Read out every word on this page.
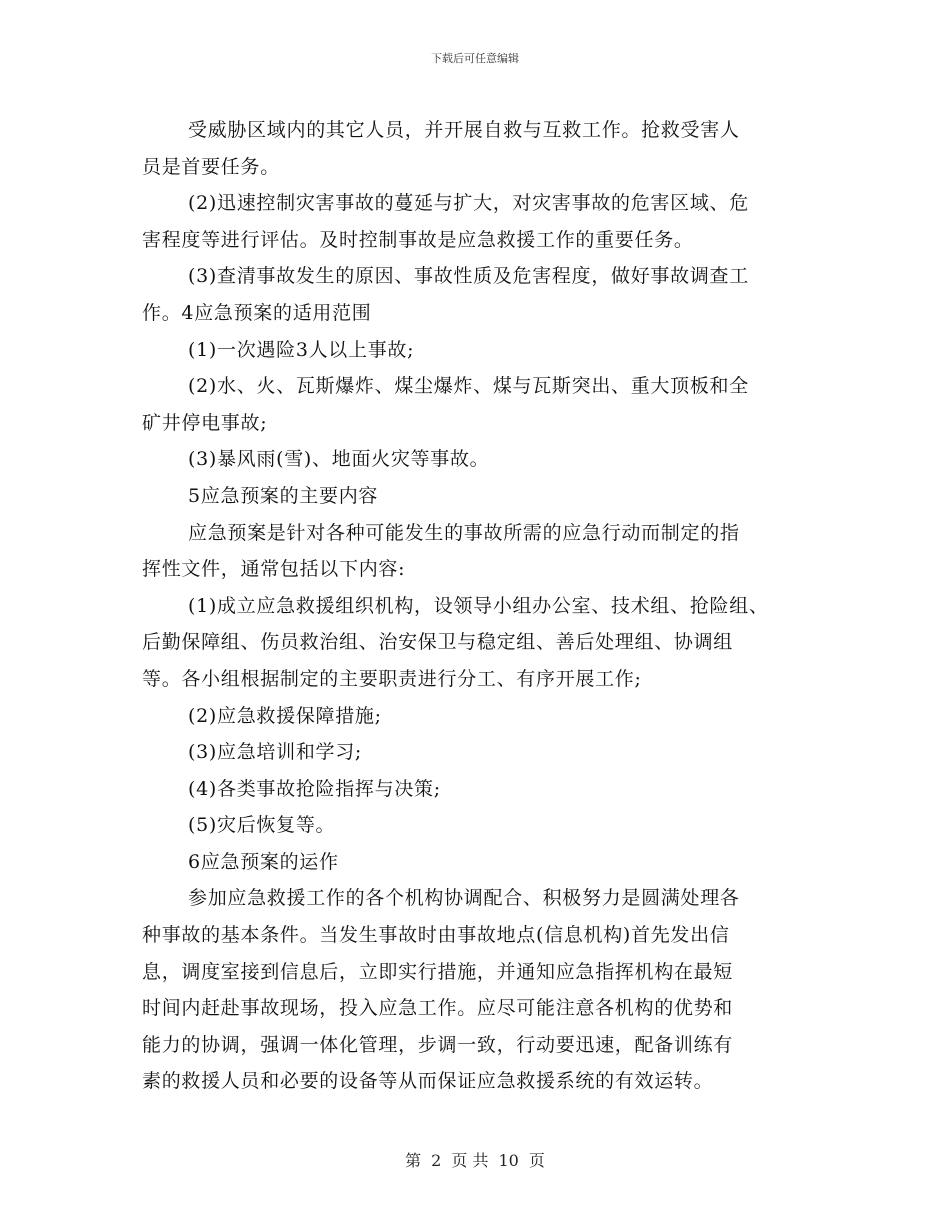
下载后可任意编辑
受威胁区域内的其它人员，并开展自救与互救工作。抢救受害人
员是首要任务。
(2)迅速控制灾害事故的蔓延与扩大，对灾害事故的危害区域、危
害程度等进行评估。及时控制事故是应急救援工作的重要任务。
(3)查清事故发生的原因、事故性质及危害程度，做好事故调查工
作。4应急预案的适用范围
(1)一次遇险3人以上事故;
(2)水、火、瓦斯爆炸、煤尘爆炸、煤与瓦斯突出、重大顶板和全
矿井停电事故;
(3)暴风雨(雪)、地面火灾等事故。
5应急预案的主要内容
应急预案是针对各种可能发生的事故所需的应急行动而制定的指
挥性文件，通常包括以下内容:
(1)成立应急救援组织机构，设领导小组办公室、技术组、抢险组、
后勤保障组、伤员救治组、治安保卫与稳定组、善后处理组、协调组
等。各小组根据制定的主要职责进行分工、有序开展工作;
(2)应急救援保障措施;
(3)应急培训和学习;
(4)各类事故抢险指挥与决策;
(5)灾后恢复等。
6应急预案的运作
参加应急救援工作的各个机构协调配合、积极努力是圆满处理各
种事故的基本条件。当发生事故时由事故地点(信息机构)首先发出信
息，调度室接到信息后，立即实行措施，并通知应急指挥机构在最短
时间内赶赴事故现场，投入应急工作。应尽可能注意各机构的优势和
能力的协调，强调一体化管理，步调一致，行动要迅速，配备训练有
素的救援人员和必要的设备等从而保证应急救援系统的有效运转。
第 2 页 共 10 页
